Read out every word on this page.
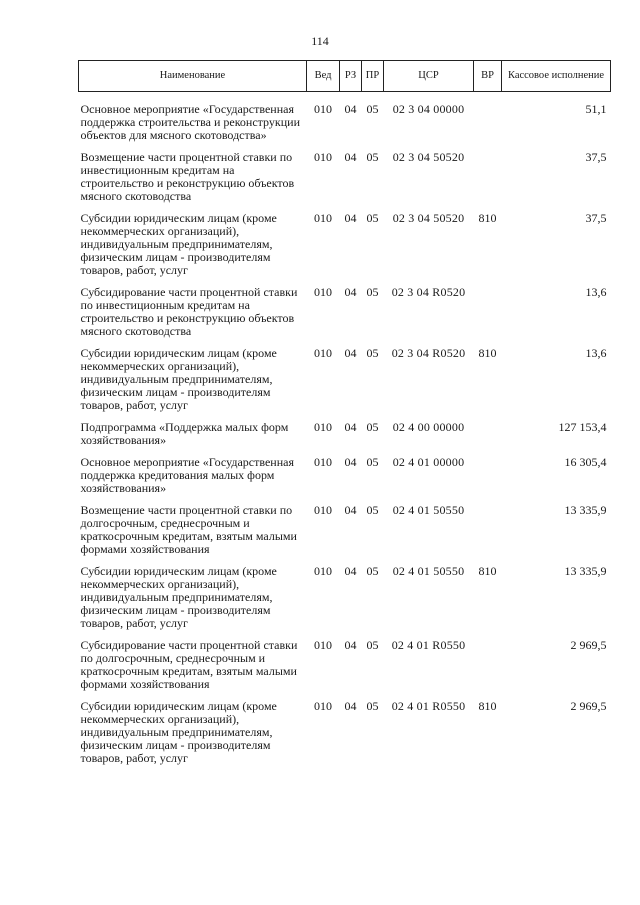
114
Наименование	Вед	РЗ	ПР	ЦСР	ВР	Кассовое исполнение
Основное мероприятие «Государственная поддержка строительства и реконструкции объектов для мясного скотоводства»	010	04	05	02 3 04 00000		51,1
Возмещение части процентной ставки по инвестиционным кредитам на строительство и реконструкцию объектов мясного скотоводства	010	04	05	02 3 04 50520		37,5
Субсидии юридическим лицам (кроме некоммерческих организаций), индивидуальным предпринимателям, физическим лицам - производителям товаров, работ, услуг	010	04	05	02 3 04 50520	810	37,5
Субсидирование части процентной ставки по инвестиционным кредитам на строительство и реконструкцию объектов мясного скотоводства	010	04	05	02 3 04 R0520		13,6
Субсидии юридическим лицам (кроме некоммерческих организаций), индивидуальным предпринимателям, физическим лицам - производителям товаров, работ, услуг	010	04	05	02 3 04 R0520	810	13,6
Подпрограмма «Поддержка малых форм хозяйствования»	010	04	05	02 4 00 00000		127 153,4
Основное мероприятие «Государственная поддержка кредитования малых форм хозяйствования»	010	04	05	02 4 01 00000		16 305,4
Возмещение части процентной ставки по долгосрочным, среднесрочным и краткосрочным кредитам, взятым малыми формами хозяйствования	010	04	05	02 4 01 50550		13 335,9
Субсидии юридическим лицам (кроме некоммерческих организаций), индивидуальным предпринимателям, физическим лицам - производителям товаров, работ, услуг	010	04	05	02 4 01 50550	810	13 335,9
Субсидирование части процентной ставки по долгосрочным, среднесрочным и краткосрочным кредитам, взятым малыми формами хозяйствования	010	04	05	02 4 01 R0550		2 969,5
Субсидии юридическим лицам (кроме некоммерческих организаций), индивидуальным предпринимателям, физическим лицам - производителям товаров, работ, услуг	010	04	05	02 4 01 R0550	810	2 969,5
